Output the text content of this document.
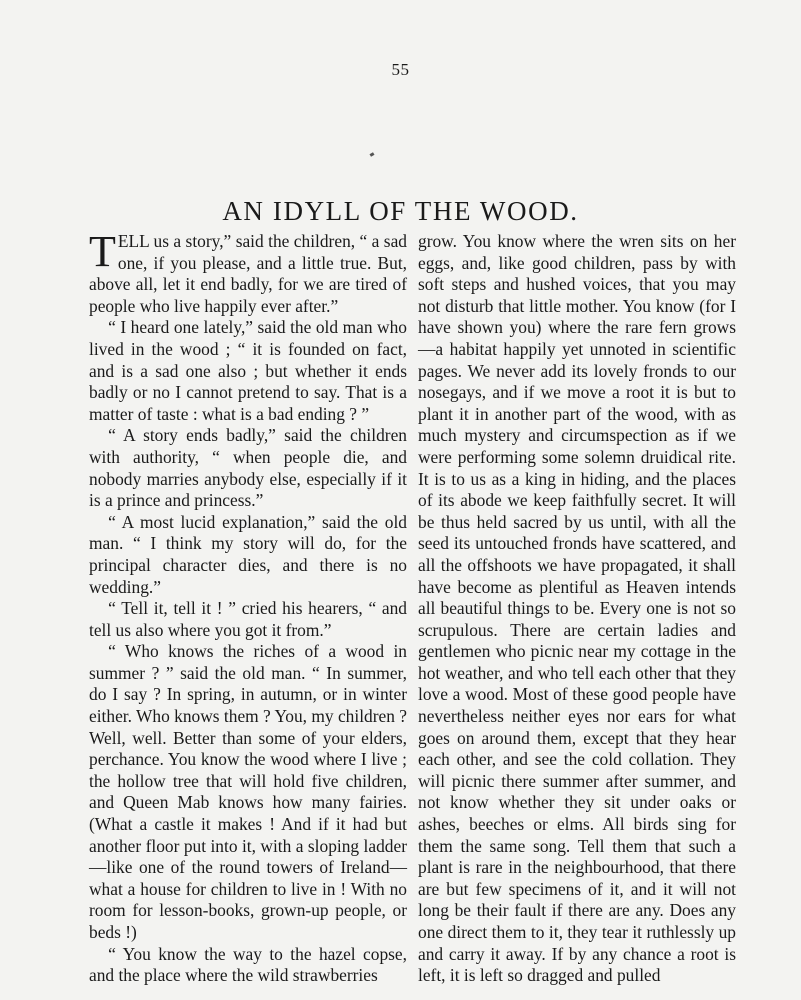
55
AN IDYLL OF THE WOOD.

TELL us a story,” said the children, “ a sad one, if you please, and a little true. But, above all, let it end badly, for we are tired of people who live happily ever after.”

“ I heard one lately,” said the old man who lived in the wood ; “ it is founded on fact, and is a sad one also ; but whether it ends badly or no I cannot pretend to say. That is a matter of taste : what is a bad ending ? ”

“ A story ends badly,” said the children with authority, “ when people die, and nobody marries anybody else, especially if it is a prince and princess.”

“ A most lucid explanation,” said the old man. “ I think my story will do, for the principal character dies, and there is no wedding.”

“ Tell it, tell it ! ” cried his hearers, “ and tell us also where you got it from.”

“ Who knows the riches of a wood in summer ? ” said the old man. “ In summer, do I say ? In spring, in autumn, or in winter either. Who knows them ? You, my children ? Well, well. Better than some of your elders, perchance. You know the wood where I live ; the hollow tree that will hold five children, and Queen Mab knows how many fairies. (What a castle it makes ! And if it had but another floor put into it, with a sloping ladder—like one of the round towers of Ireland—what a house for children to live in ! With no room for lesson-books, grown-up people, or beds !)

“ You know the way to the hazel copse, and the place where the wild strawberries

grow. You know where the wren sits on her eggs, and, like good children, pass by with soft steps and hushed voices, that you may not disturb that little mother. You know (for I have shown you) where the rare fern grows—a habitat happily yet unnoted in scientific pages. We never add its lovely fronds to our nosegays, and if we move a root it is but to plant it in another part of the wood, with as much mystery and circumspection as if we were performing some solemn druidical rite. It is to us as a king in hiding, and the places of its abode we keep faithfully secret. It will be thus held sacred by us until, with all the seed its untouched fronds have scattered, and all the offshoots we have propagated, it shall have become as plentiful as Heaven intends all beautiful things to be. Every one is not so scrupulous. There are certain ladies and gentlemen who picnic near my cottage in the hot weather, and who tell each other that they love a wood. Most of these good people have nevertheless neither eyes nor ears for what goes on around them, except that they hear each other, and see the cold collation. They will picnic there summer after summer, and not know whether they sit under oaks or ashes, beeches or elms. All birds sing for them the same song. Tell them that such a plant is rare in the neighbourhood, that there are but few specimens of it, and it will not long be their fault if there are any. Does any one direct them to it, they tear it ruthlessly up and carry it away. If by any chance a root is left, it is left so dragged and pulled
